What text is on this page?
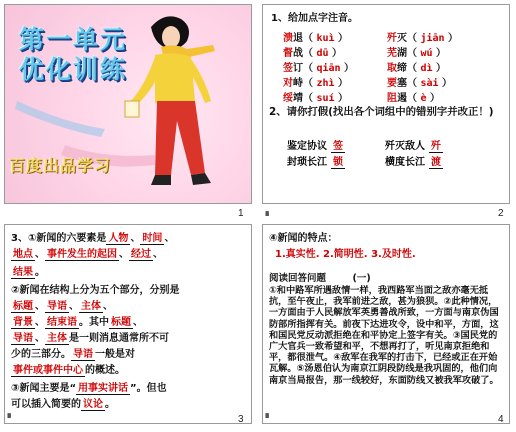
第一单元
优化训练
百度出品学习
1
1、给加点字注音。
溃退（ kuì ）	歼灭（ jiān ）
督战（ dū ）	芜湖（ wú ）
签订（ qiān ）	取缔（ dì ）
对峙（ zhì ）	要塞（ sài ）
绥靖（ suí ）	阻遏（ è ）
2、请你打假(找出各个词组中的错别字并改正！)
鉴定协议 签	歼灭敌人 歼
封琐长江 锁	横度长江 渡
∎	2
3、①新闻的六要素是 人物 、 时间 、
地点 、 事件发生的起因 、 经过 、
结果 。
②新闻在结构上分为五个部分，分别是
标题 、 导语 、 主体 、
背景 、 结束语 。其中 标题 、
导语 、 主体 是一则消息通常所不可
少的三部分。 导语 一般是对
事件或事件中心 的概述。
③新闻主要是“ 用事实讲话 ”。但也
可以插入简要的 议论 。
∎	3
④新闻的特点：
1.真实性. 2.简明性. 3.及时性.
阅读回答问题	(一)
①和中路军所遇敌情一样，我西路军当面之敌亦毫无抵抗，至午夜止，我军前进之敌，甚为狼狈。②此种情况，一方面由于人民解放军英勇善战所致，一方面与南京伪国防部所指挥有关。前夜下达进攻令，设中和平，方面，这和国民党反动派拒绝在和平协定上签字有关。③国民党的广大官兵一致希望和平，不想再打了，听见南京拒绝和平，都很泄气。④敌军在我军的打击下，已经或正在开始瓦解。⑤汤恩伯认为南京江阴段防线是我巩固的，他们向南京当局报告，那一线较好，东面防线又被我军攻破了。
∎	4
